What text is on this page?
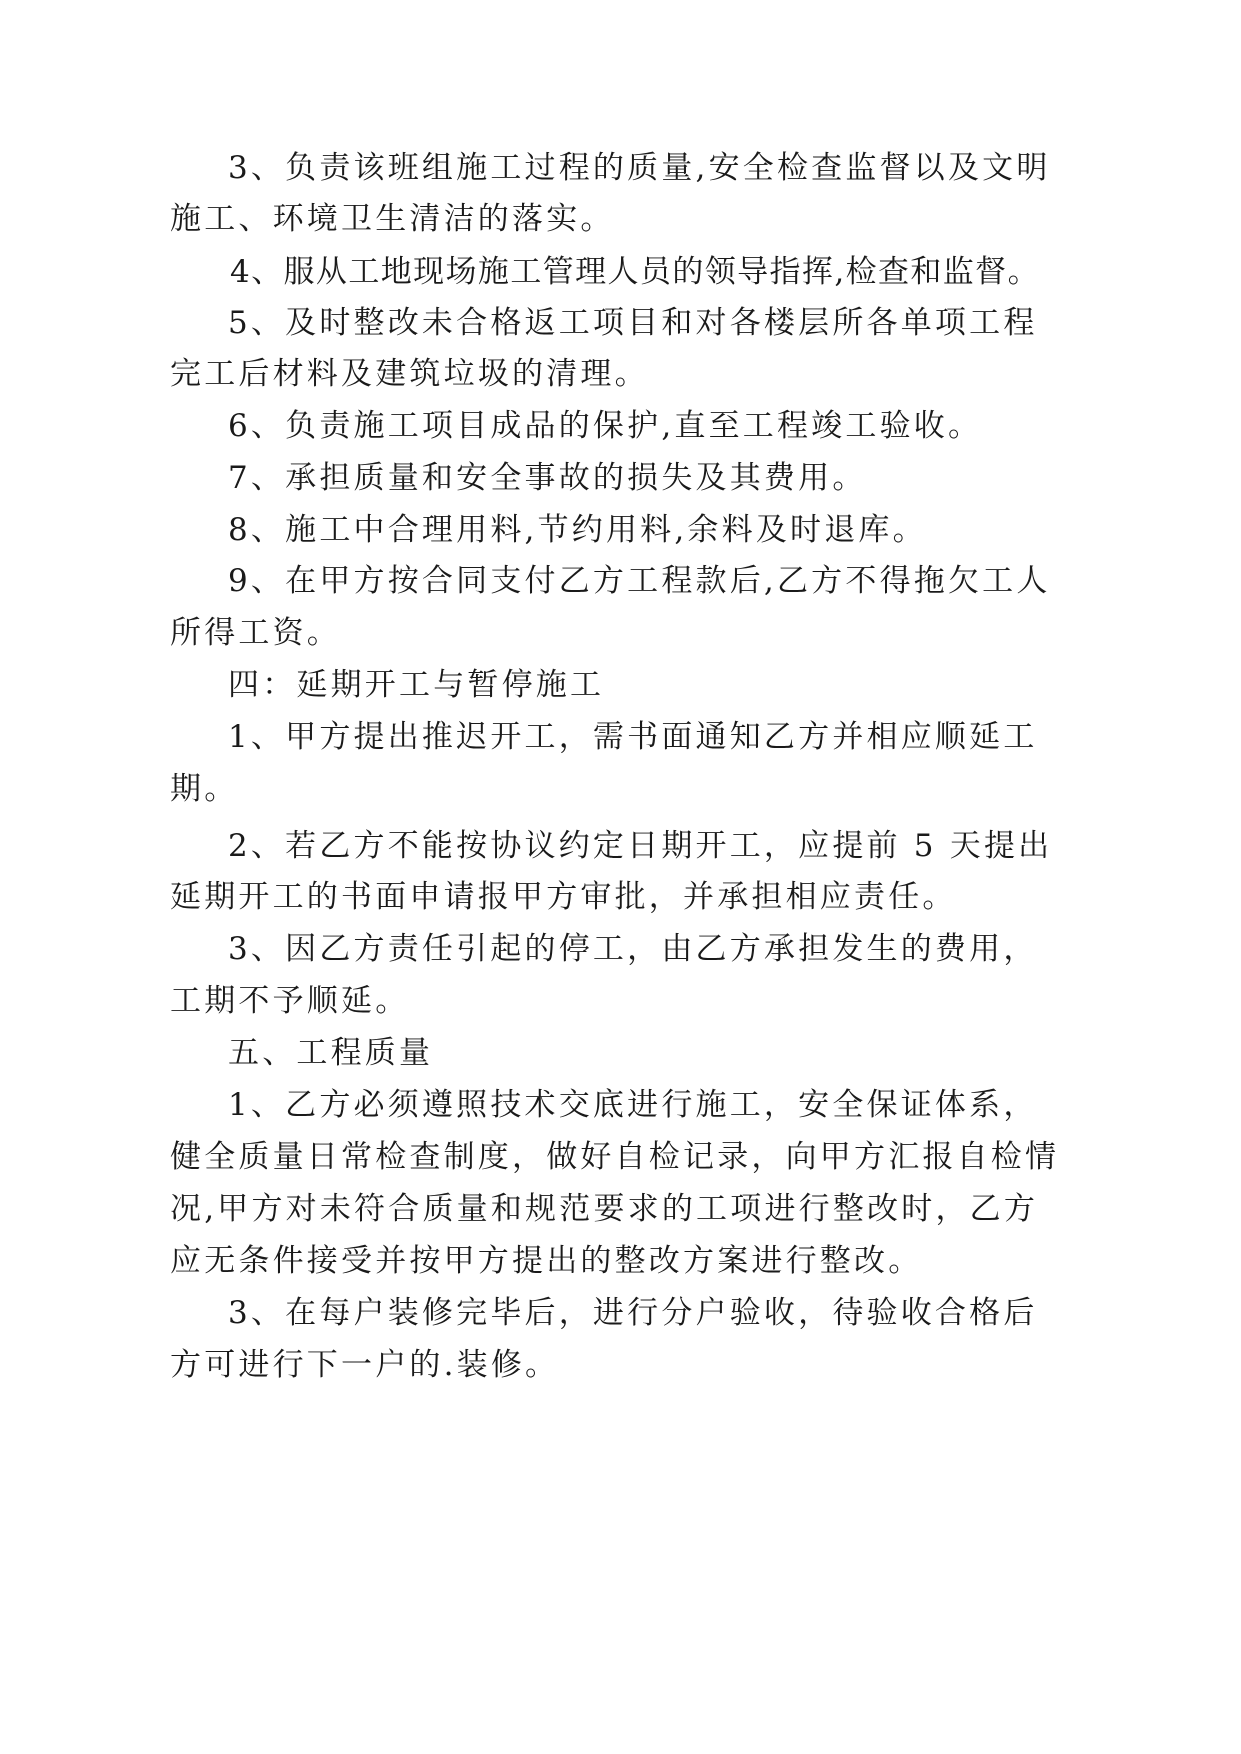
3、负责该班组施工过程的质量,安全检查监督以及文明
施工、环境卫生清洁的落实。
4、服从工地现场施工管理人员的领导指挥,检查和监督。
5、及时整改未合格返工项目和对各楼层所各单项工程
完工后材料及建筑垃圾的清理。
6、负责施工项目成品的保护,直至工程竣工验收。
7、承担质量和安全事故的损失及其费用。
8、施工中合理用料,节约用料,余料及时退库。
9、在甲方按合同支付乙方工程款后,乙方不得拖欠工人
所得工资。
四：延期开工与暂停施工
1、甲方提出推迟开工，需书面通知乙方并相应顺延工
期。
2、若乙方不能按协议约定日期开工，应提前 5 天提出
延期开工的书面申请报甲方审批，并承担相应责任。
3、因乙方责任引起的停工，由乙方承担发生的费用，
工期不予顺延。
五、工程质量
1、乙方必须遵照技术交底进行施工，安全保证体系，
健全质量日常检查制度，做好自检记录，向甲方汇报自检情
况,甲方对未符合质量和规范要求的工项进行整改时，乙方
应无条件接受并按甲方提出的整改方案进行整改。
3、在每户装修完毕后，进行分户验收，待验收合格后
方可进行下一户的.装修。
